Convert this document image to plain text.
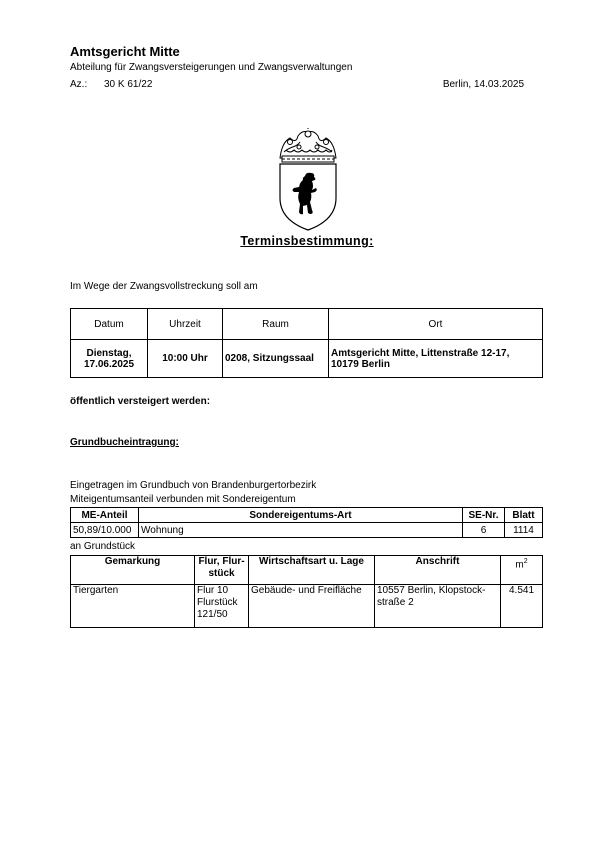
Amtsgericht Mitte
Abteilung für Zwangsversteigerungen und Zwangsverwaltungen
Az.: 30 K 61/22	Berlin, 14.03.2025
Terminsbestimmung:
Im Wege der Zwangsvollstreckung soll am
Datum	Uhrzeit	Raum	Ort
Dienstag,
17.06.2025	10:00 Uhr	0208, Sitzungssaal	Amtsgericht Mitte, Littenstraße 12-17,
10179 Berlin
öffentlich versteigert werden:
Grundbucheintragung:
Eingetragen im Grundbuch von Brandenburgertorbezirk
Miteigentumsanteil verbunden mit Sondereigentum
ME-Anteil	Sondereigentums-Art	SE-Nr.	Blatt
50,89/10.000	Wohnung	6	1114
an Grundstück
Gemarkung	Flur, Flur-
stück	Wirtschaftsart u. Lage	Anschrift	$m^2$
Tiergarten	Flur 10
Flurstück
121/50	Gebäude- und Freifläche	10557 Berlin, Klopstock-
straße 2	4.541
